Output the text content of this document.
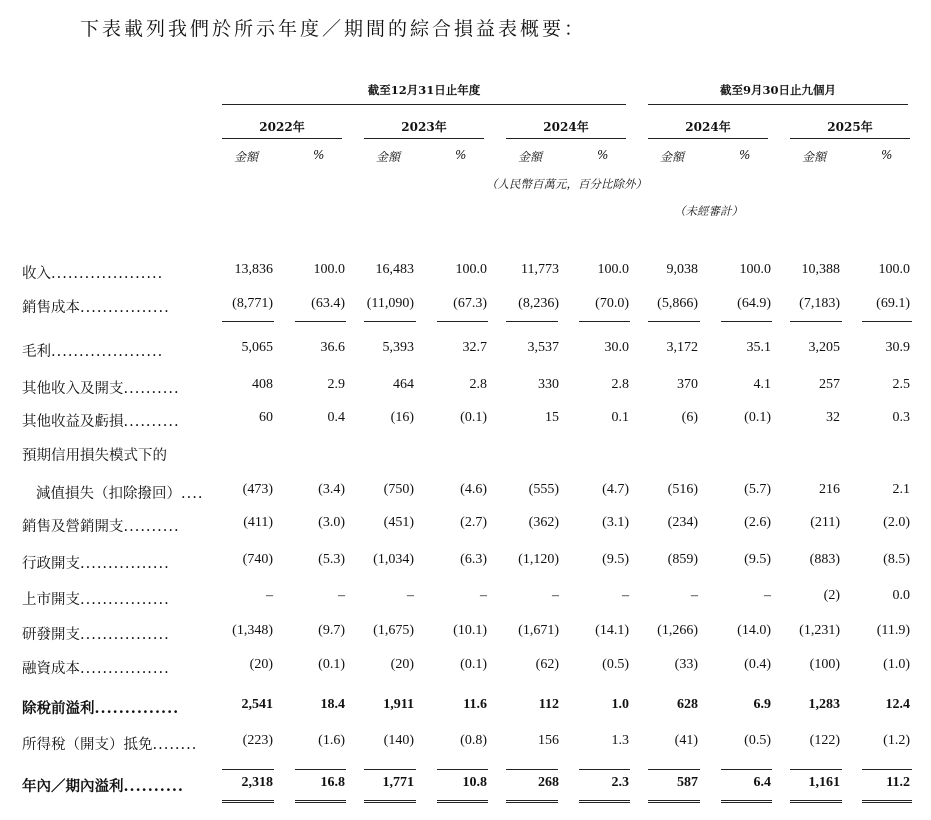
下表載列我們於所示年度／期間的綜合損益表概要：
截至12月31日止年度	截至9月30日止九個月
2022年	2023年	2024年	2024年	2025年
金額	%	金額	%	金額	%	金額	%	金額	%
（人民幣百萬元，百分比除外）
（未經審計）
收入....................	13,836	100.0	16,483	100.0	11,773	100.0	9,038	100.0	10,388	100.0
銷售成本................	(8,771)	(63.4)	(11,090)	(67.3)	(8,236)	(70.0)	(5,866)	(64.9)	(7,183)	(69.1)
毛利....................	5,065	36.6	5,393	32.7	3,537	30.0	3,172	35.1	3,205	30.9
其他收入及開支..........	408	2.9	464	2.8	330	2.8	370	4.1	257	2.5
其他收益及虧損..........	60	0.4	(16)	(0.1)	15	0.1	(6)	(0.1)	32	0.3
預期信用損失模式下的
減值損失（扣除撥回）....	(473)	(3.4)	(750)	(4.6)	(555)	(4.7)	(516)	(5.7)	216	2.1
銷售及營銷開支..........	(411)	(3.0)	(451)	(2.7)	(362)	(3.1)	(234)	(2.6)	(211)	(2.0)
行政開支................	(740)	(5.3)	(1,034)	(6.3)	(1,120)	(9.5)	(859)	(9.5)	(883)	(8.5)
上市開支................	–	–	–	–	–	–	–	–	(2)	0.0
研發開支................	(1,348)	(9.7)	(1,675)	(10.1)	(1,671)	(14.1)	(1,266)	(14.0)	(1,231)	(11.9)
融資成本................	(20)	(0.1)	(20)	(0.1)	(62)	(0.5)	(33)	(0.4)	(100)	(1.0)
除稅前溢利..............	2,541	18.4	1,911	11.6	112	1.0	628	6.9	1,283	12.4
所得稅（開支）抵免........	(223)	(1.6)	(140)	(0.8)	156	1.3	(41)	(0.5)	(122)	(1.2)
年內／期內溢利..........	2,318	16.8	1,771	10.8	268	2.3	587	6.4	1,161	11.2
